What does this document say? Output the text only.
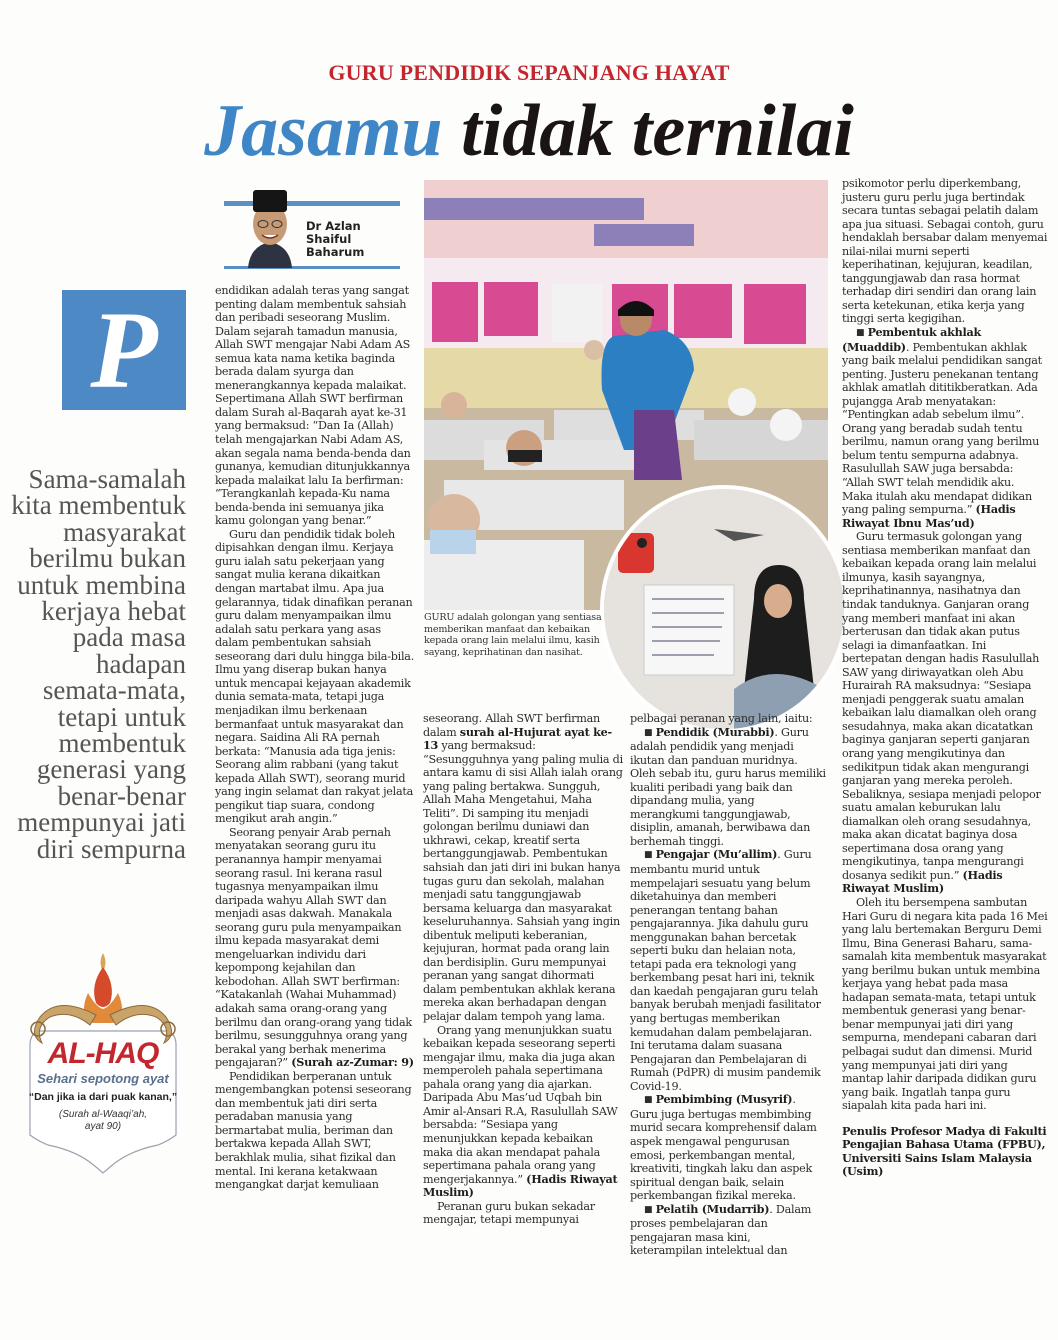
GURU PENDIDIK SEPANJANG HAYAT
Jasamu tidak ternilai
Dr Azlan Shaiful
Baharum
P
Sama-samalah kita membentuk masyarakat berilmu bukan untuk membina kerjaya hebat pada masa hadapan semata-mata, tetapi untuk membentuk generasi yang benar-benar mempunyai jati diri sempurna
AL-HAQ
Sehari sepotong ayat
“Dan jika ia dari puak kanan,”
(Surah al-Waaqi’ah,
ayat 90)
GURU adalah golongan yang sentiasa memberikan manfaat dan kebaikan kepada orang lain melalui ilmu, kasih sayang, keprihatinan dan nasihat.

endidikan adalah teras yang sangat penting dalam membentuk sahsiah dan peribadi seseorang Muslim. Dalam sejarah tamadun manusia, Allah SWT mengajar Nabi Adam AS semua kata nama ketika baginda berada dalam syurga dan menerangkannya kepada malaikat. Sepertimana Allah SWT berfirman dalam Surah al-Baqarah ayat ke-31 yang bermaksud: “Dan Ia (Allah) telah mengajarkan Nabi Adam AS, akan segala nama benda-benda dan gunanya, kemudian ditunjukkannya kepada malaikat lalu Ia berfirman: “Terangkanlah kepada-Ku nama benda-benda ini semuanya jika kamu golongan yang benar.”

Guru dan pendidik tidak boleh dipisahkan dengan ilmu. Kerjaya guru ialah satu pekerjaan yang sangat mulia kerana dikaitkan dengan martabat ilmu. Apa jua gelarannya, tidak dinafikan peranan guru dalam menyampaikan ilmu adalah satu perkara yang asas dalam pembentukan sahsiah seseorang dari dulu hingga bila-bila. Ilmu yang diserap bukan hanya untuk mencapai kejayaan akademik dunia semata-mata, tetapi juga menjadikan ilmu berkenaan bermanfaat untuk masyarakat dan negara. Saidina Ali RA pernah berkata: “Manusia ada tiga jenis: Seorang alim rabbani (yang takut kepada Allah SWT), seorang murid yang ingin selamat dan rakyat jelata pengikut tiap suara, condong mengikut arah angin.”

Seorang penyair Arab pernah menyatakan seorang guru itu peranannya hampir menyamai seorang rasul. Ini kerana rasul tugasnya menyampaikan ilmu daripada wahyu Allah SWT dan menjadi asas dakwah. Manakala seorang guru pula menyampaikan ilmu kepada masyarakat demi mengeluarkan individu dari kepompong kejahilan dan kebodohan. Allah SWT berfirman: “Katakanlah (Wahai Muhammad) adakah sama orang-orang yang berilmu dan orang-orang yang tidak berilmu, sesungguhnya orang yang berakal yang berhak menerima pengajaran?” (Surah az-Zumar: 9)

Pendidikan berperanan untuk mengembangkan potensi seseorang dan membentuk jati diri serta peradaban manusia yang bermartabat mulia, beriman dan bertakwa kepada Allah SWT, berakhlak mulia, sihat fizikal dan mental. Ini kerana ketakwaan mengangkat darjat kemuliaan

seseorang. Allah SWT berfirman dalam surah al-Hujurat ayat ke-13 yang bermaksud: “Sesungguhnya yang paling mulia di antara kamu di sisi Allah ialah orang yang paling bertakwa. Sungguh, Allah Maha Mengetahui, Maha Teliti”. Di samping itu menjadi golongan berilmu duniawi dan ukhrawi, cekap, kreatif serta bertanggungjawab. Pembentukan sahsiah dan jati diri ini bukan hanya tugas guru dan sekolah, malahan menjadi satu tanggungjawab bersama keluarga dan masyarakat keseluruhannya. Sahsiah yang ingin dibentuk meliputi keberanian, kejujuran, hormat pada orang lain dan berdisiplin. Guru mempunyai peranan yang sangat dihormati dalam pembentukan akhlak kerana mereka akan berhadapan dengan pelajar dalam tempoh yang lama.

Orang yang menunjukkan suatu kebaikan kepada seseorang seperti mengajar ilmu, maka dia juga akan memperoleh pahala sepertimana pahala orang yang dia ajarkan. Daripada Abu Mas’ud Uqbah bin Amir al-Ansari R.A, Rasulullah SAW bersabda: “Sesiapa yang menunjukkan kepada kebaikan maka dia akan mendapat pahala sepertimana pahala orang yang mengerjakannya.” (Hadis Riwayat Muslim)

Peranan guru bukan sekadar mengajar, tetapi mempunyai

pelbagai peranan yang lain, iaitu:

■ Pendidik (Murabbi). Guru adalah pendidik yang menjadi ikutan dan panduan muridnya. Oleh sebab itu, guru harus memiliki kualiti peribadi yang baik dan dipandang mulia, yang merangkumi tanggungjawab, disiplin, amanah, berwibawa dan berhemah tinggi.

■ Pengajar (Mu’allim). Guru membantu murid untuk mempelajari sesuatu yang belum diketahuinya dan memberi penerangan tentang bahan pengajarannya. Jika dahulu guru menggunakan bahan bercetak seperti buku dan helaian nota, tetapi pada era teknologi yang berkembang pesat hari ini, teknik dan kaedah pengajaran guru telah banyak berubah menjadi fasilitator yang bertugas memberikan kemudahan dalam pembelajaran. Ini terutama dalam suasana Pengajaran dan Pembelajaran di Rumah (PdPR) di musim pandemik Covid-19.

■ Pembimbing (Musyrif). Guru juga bertugas membimbing murid secara komprehensif dalam aspek mengawal pengurusan emosi, perkembangan mental, kreativiti, tingkah laku dan aspek spiritual dengan baik, selain perkembangan fizikal mereka.

■ Pelatih (Mudarrib). Dalam proses pembelajaran dan pengajaran masa kini, keterampilan intelektual dan

psikomotor perlu diperkembang, justeru guru perlu juga bertindak secara tuntas sebagai pelatih dalam apa jua situasi. Sebagai contoh, guru hendaklah bersabar dalam menyemai nilai-nilai murni seperti keperihatinan, kejujuran, keadilan, tanggungjawab dan rasa hormat terhadap diri sendiri dan orang lain serta ketekunan, etika kerja yang tinggi serta kegigihan.

■ Pembentuk akhlak (Muaddib). Pembentukan akhlak yang baik melalui pendidikan sangat penting. Justeru penekanan tentang akhlak amatlah dititikberatkan. Ada pujangga Arab menyatakan: “Pentingkan adab sebelum ilmu”. Orang yang beradab sudah tentu berilmu, namun orang yang berilmu belum tentu sempurna adabnya. Rasulullah SAW juga bersabda: “Allah SWT telah mendidik aku. Maka itulah aku mendapat didikan yang paling sempurna.” (Hadis Riwayat Ibnu Mas’ud)

Guru termasuk golongan yang sentiasa memberikan manfaat dan kebaikan kepada orang lain melalui ilmunya, kasih sayangnya, keprihatinannya, nasihatnya dan tindak tanduknya. Ganjaran orang yang memberi manfaat ini akan berterusan dan tidak akan putus selagi ia dimanfaatkan. Ini bertepatan dengan hadis Rasulullah SAW yang diriwayatkan oleh Abu Hurairah RA maksudnya: “Sesiapa menjadi penggerak suatu amalan kebaikan lalu diamalkan oleh orang sesudahnya, maka akan dicatatkan baginya ganjaran seperti ganjaran orang yang mengikutinya dan sedikitpun tidak akan mengurangi ganjaran yang mereka peroleh. Sebaliknya, sesiapa menjadi pelopor suatu amalan keburukan lalu diamalkan oleh orang sesudahnya, maka akan dicatat baginya dosa sepertimana dosa orang yang mengikutinya, tanpa mengurangi dosanya sedikit pun.” (Hadis Riwayat Muslim)

Oleh itu bersempena sambutan Hari Guru di negara kita pada 16 Mei yang lalu bertemakan Berguru Demi Ilmu, Bina Generasi Baharu, sama-samalah kita membentuk masyarakat yang berilmu bukan untuk membina kerjaya yang hebat pada masa hadapan semata-mata, tetapi untuk membentuk generasi yang benar-benar mempunyai jati diri yang sempurna, mendepani cabaran dari pelbagai sudut dan dimensi. Murid yang mempunyai jati diri yang mantap lahir daripada didikan guru yang baik. Ingatlah tanpa guru siapalah kita pada hari ini.

Penulis Profesor Madya di Fakulti Pengajian Bahasa Utama (FPBU), Universiti Sains Islam Malaysia (Usim)
